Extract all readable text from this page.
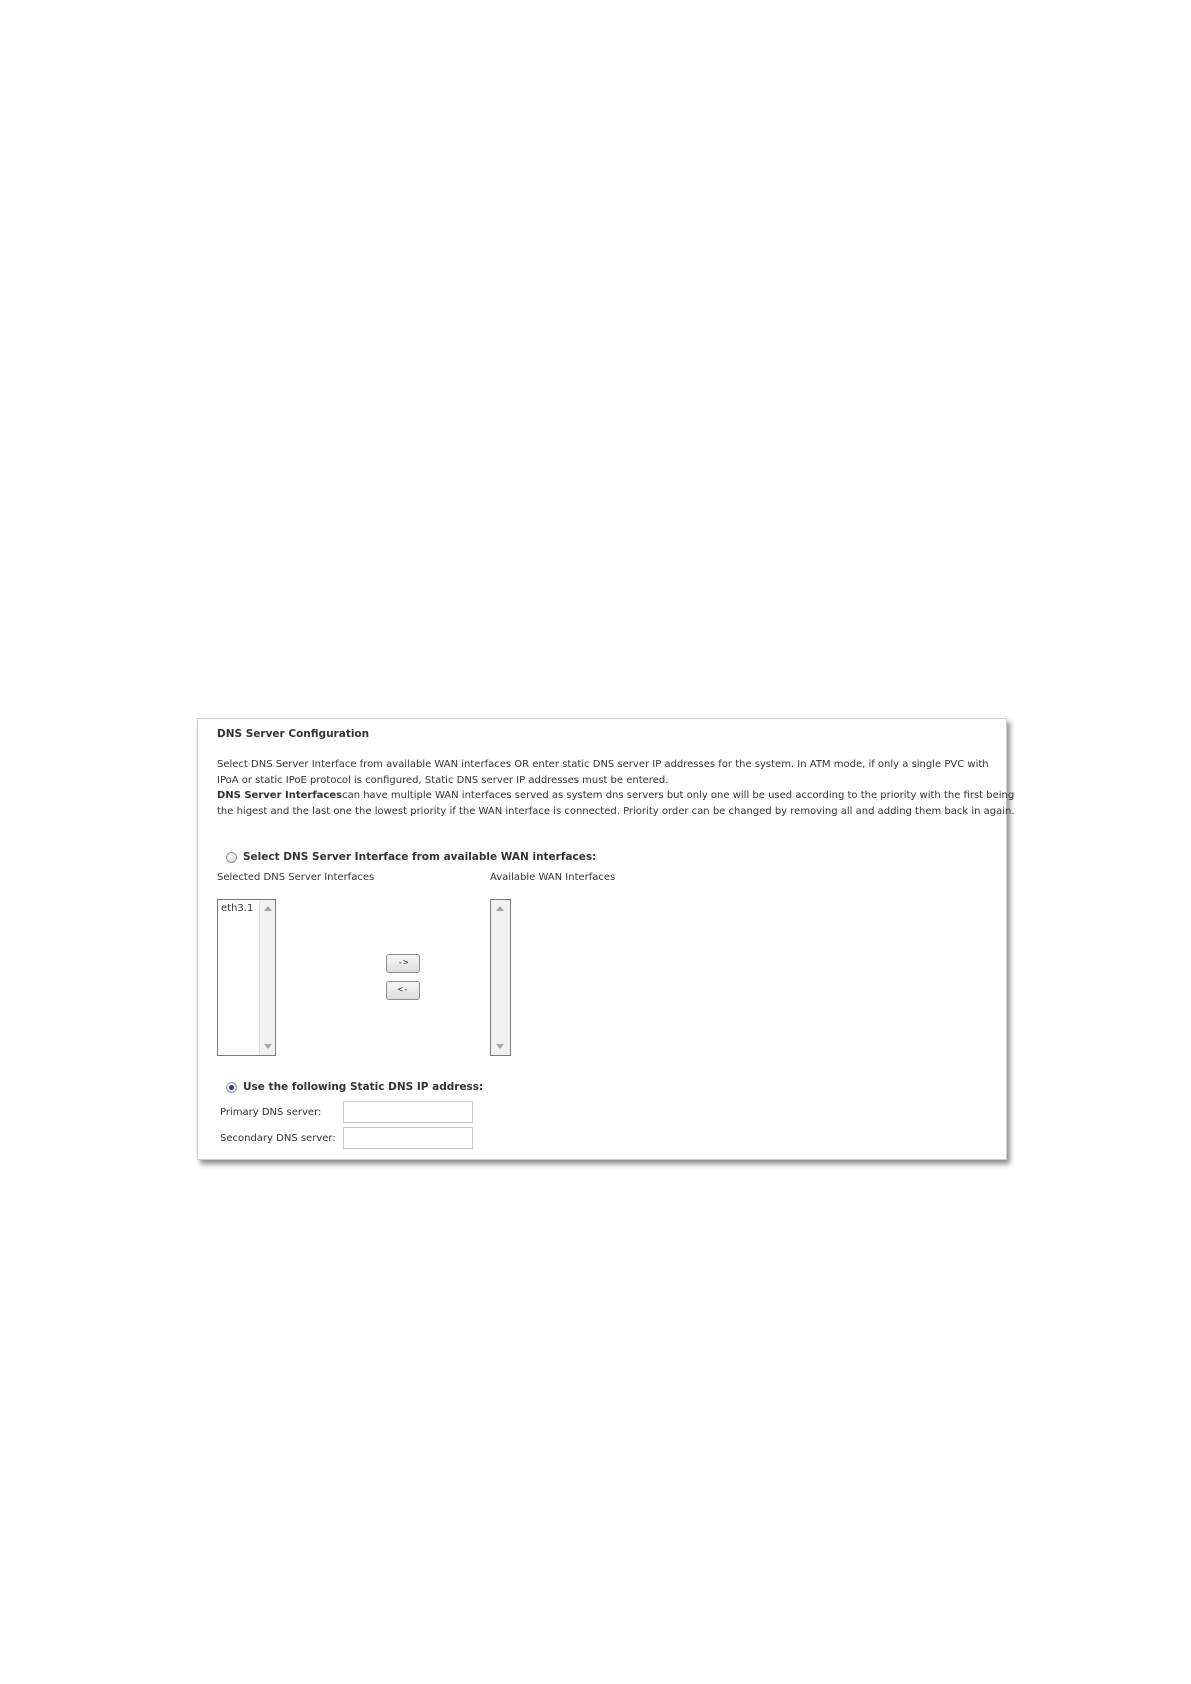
DNS Server Configuration

Select DNS Server Interface from available WAN interfaces OR enter static DNS server IP addresses for the system. In ATM mode, if only a single PVC with

IPoA or static IPoE protocol is configured, Static DNS server IP addresses must be entered.

DNS Server Interfacescan have multiple WAN interfaces served as system dns servers but only one will be used according to the priority with the first being

the higest and the last one the lowest priority if the WAN interface is connected. Priority order can be changed by removing all and adding them back in again.

Select DNS Server Interface from available WAN interfaces:
Selected DNS Server Interfaces	Available WAN Interfaces
eth3.1
->
<-
Use the following Static DNS IP address:
Primary DNS server:
Secondary DNS server:
